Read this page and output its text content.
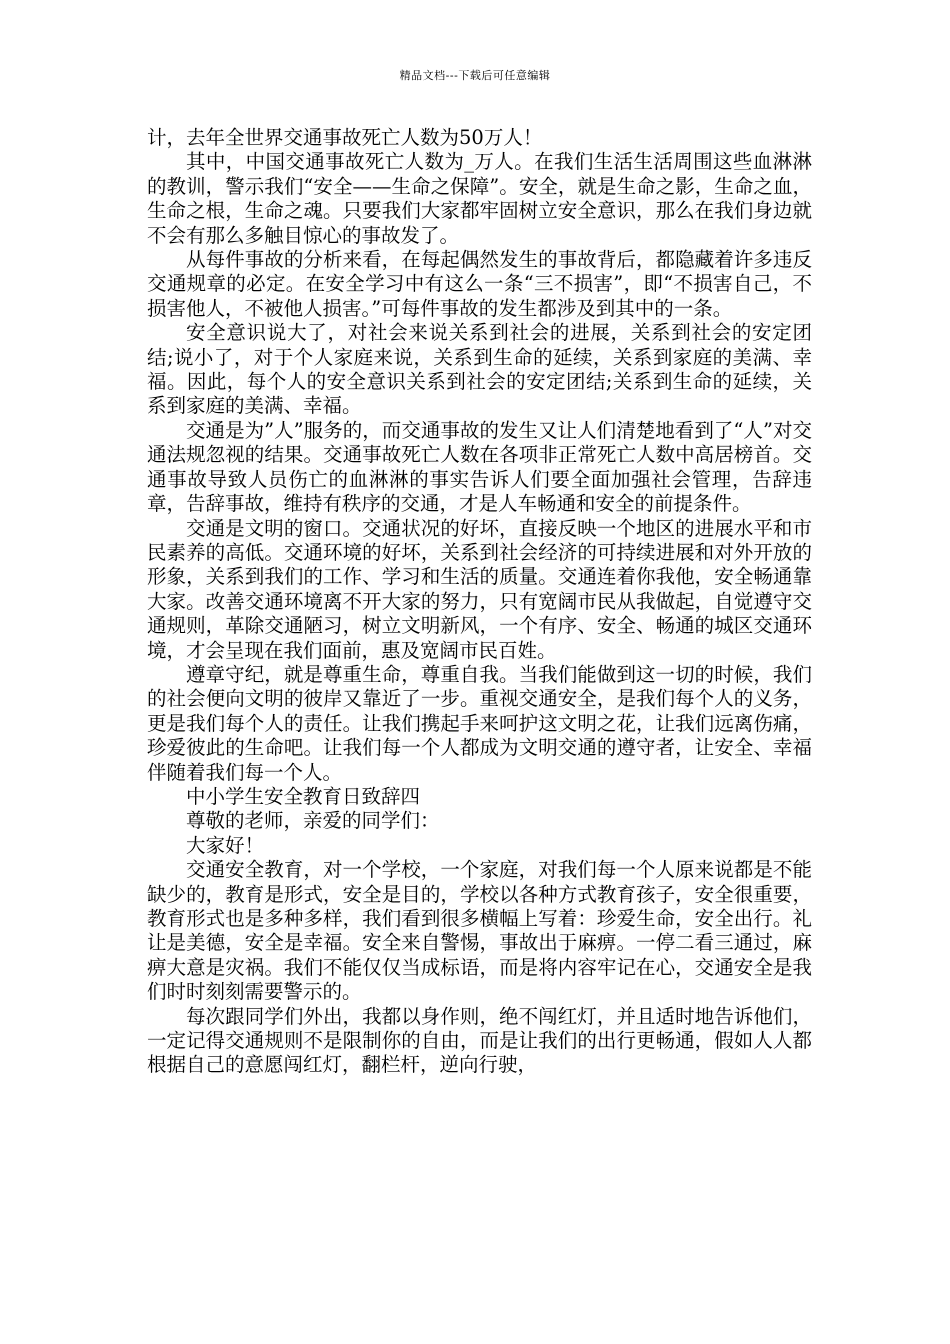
精品文档---下载后可任意编辑

计，去年全世界交通事故死亡人数为50万人！

其中，中国交通事故死亡人数为_万人。在我们生活生活周围这些血淋淋的教训，警示我们“安全——生命之保障”。安全，就是生命之影，生命之血，生命之根，生命之魂。只要我们大家都牢固树立安全意识，那么在我们身边就不会有那么多触目惊心的事故发了。

从每件事故的分析来看，在每起偶然发生的事故背后，都隐藏着许多违反交通规章的必定。在安全学习中有这么一条“三不损害”，即“不损害自己，不损害他人，不被他人损害。”可每件事故的发生都涉及到其中的一条。

安全意识说大了，对社会来说关系到社会的进展，关系到社会的安定团结;说小了，对于个人家庭来说，关系到生命的延续，关系到家庭的美满、幸福。因此，每个人的安全意识关系到社会的安定团结;关系到生命的延续，关系到家庭的美满、幸福。

交通是为”人”服务的，而交通事故的发生又让人们清楚地看到了“人”对交通法规忽视的结果。交通事故死亡人数在各项非正常死亡人数中高居榜首。交通事故导致人员伤亡的血淋淋的事实告诉人们要全面加强社会管理，告辞违章，告辞事故，维持有秩序的交通，才是人车畅通和安全的前提条件。

交通是文明的窗口。交通状况的好坏，直接反映一个地区的进展水平和市民素养的高低。交通环境的好坏，关系到社会经济的可持续进展和对外开放的形象，关系到我们的工作、学习和生活的质量。交通连着你我他，安全畅通靠大家。改善交通环境离不开大家的努力，只有宽阔市民从我做起，自觉遵守交通规则，革除交通陋习，树立文明新风，一个有序、安全、畅通的城区交通环境，才会呈现在我们面前，惠及宽阔市民百姓。

遵章守纪，就是尊重生命，尊重自我。当我们能做到这一切的时候，我们的社会便向文明的彼岸又靠近了一步。重视交通安全，是我们每个人的义务，更是我们每个人的责任。让我们携起手来呵护这文明之花，让我们远离伤痛，珍爱彼此的生命吧。让我们每一个人都成为文明交通的遵守者，让安全、幸福伴随着我们每一个人。

中小学生安全教育日致辞四

尊敬的老师，亲爱的同学们：

大家好！

交通安全教育，对一个学校，一个家庭，对我们每一个人原来说都是不能缺少的，教育是形式，安全是目的，学校以各种方式教育孩子，安全很重要，教育形式也是多种多样，我们看到很多横幅上写着：珍爱生命，安全出行。礼让是美德，安全是幸福。安全来自警惕，事故出于麻痹。一停二看三通过，麻痹大意是灾祸。我们不能仅仅当成标语，而是将内容牢记在心，交通安全是我们时时刻刻需要警示的。

每次跟同学们外出，我都以身作则，绝不闯红灯，并且适时地告诉他们，一定记得交通规则不是限制你的自由，而是让我们的出行更畅通，假如人人都根据自己的意愿闯红灯，翻栏杆，逆向行驶，
